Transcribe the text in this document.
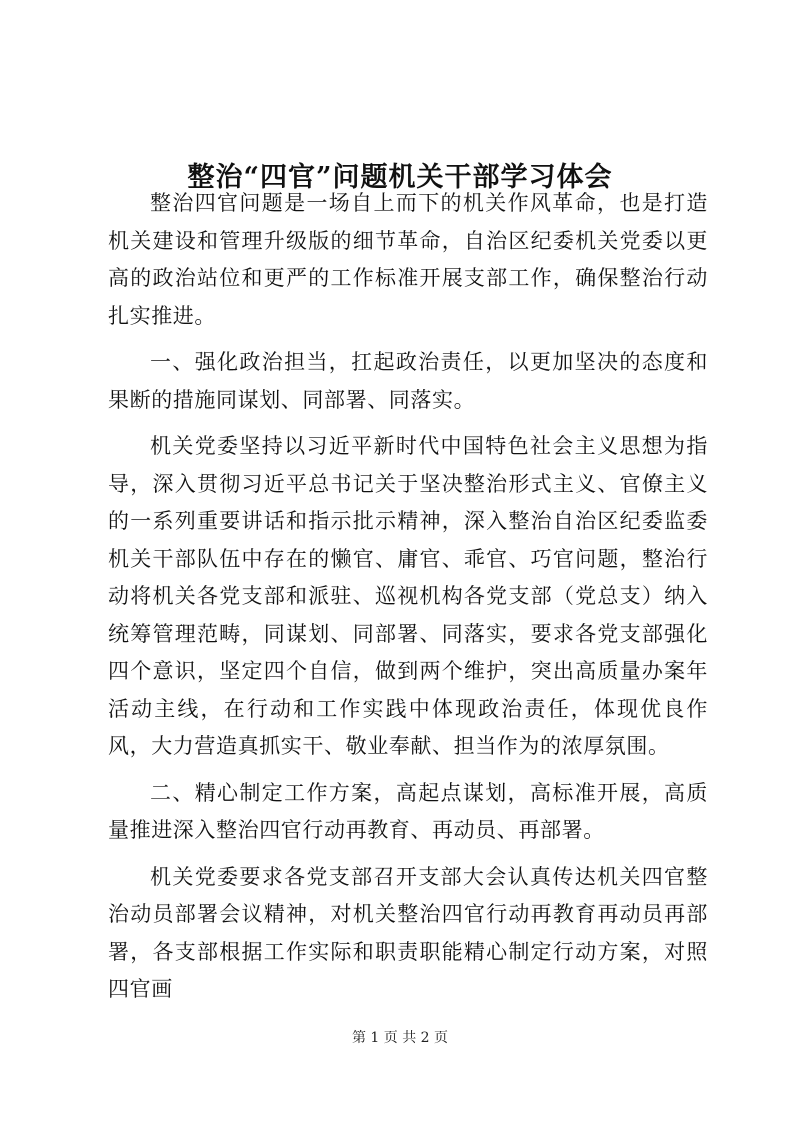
整治“四官”问题机关干部学习体会

整治四官问题是一场自上而下的机关作风革命，也是打造机关建设和管理升级版的细节革命，自治区纪委机关党委以更高的政治站位和更严的工作标准开展支部工作，确保整治行动扎实推进。

一、强化政治担当，扛起政治责任，以更加坚决的态度和果断的措施同谋划、同部署、同落实。

机关党委坚持以习近平新时代中国特色社会主义思想为指导，深入贯彻习近平总书记关于坚决整治形式主义、官僚主义的一系列重要讲话和指示批示精神，深入整治自治区纪委监委机关干部队伍中存在的懒官、庸官、乖官、巧官问题，整治行动将机关各党支部和派驻、巡视机构各党支部（党总支）纳入统筹管理范畴，同谋划、同部署、同落实，要求各党支部强化四个意识，坚定四个自信，做到两个维护，突出高质量办案年活动主线，在行动和工作实践中体现政治责任，体现优良作风，大力营造真抓实干、敬业奉献、担当作为的浓厚氛围。

二、精心制定工作方案，高起点谋划，高标准开展，高质量推进深入整治四官行动再教育、再动员、再部署。

机关党委要求各党支部召开支部大会认真传达机关四官整治动员部署会议精神，对机关整治四官行动再教育再动员再部署，各支部根据工作实际和职责职能精心制定行动方案，对照四官画

第 1 页 共 2 页
